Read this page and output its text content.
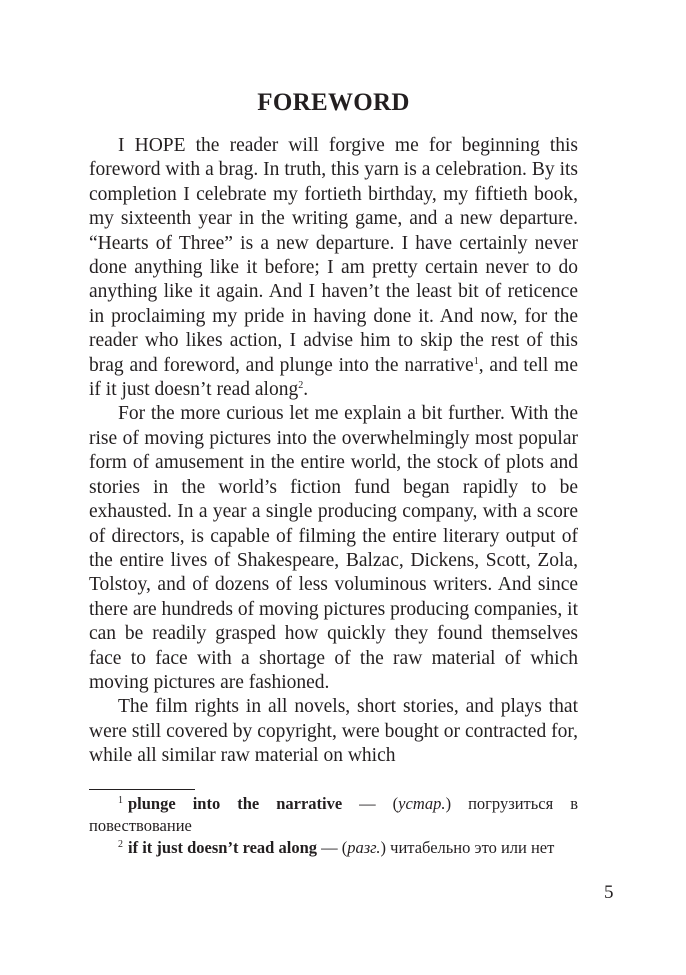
FOREWORD

I HOPE the reader will forgive me for beginning this foreword with a brag. In truth, this yarn is a celebration. By its completion I celebrate my fortieth birthday, my fiftieth book, my sixteenth year in the writing game, and a new departure. “Hearts of Three” is a new departure. I have certainly never done anything like it before; I am pretty certain never to do anything like it again. And I haven’t the least bit of reticence in proclaiming my pride in having done it. And now, for the reader who likes action, I advise him to skip the rest of this brag and foreword, and plunge into the narrative$^1$, and tell me if it just doesn’t read along$^2$.

For the more curious let me explain a bit further. With the rise of moving pictures into the overwhelmingly most popular form of amusement in the entire world, the stock of plots and stories in the world’s fiction fund began rapidly to be exhausted. In a year a single producing company, with a score of directors, is capable of filming the entire literary output of the entire lives of Shakespeare, Balzac, Dickens, Scott, Zola, Tolstoy, and of dozens of less voluminous writers. And since there are hundreds of moving pictures producing companies, it can be readily grasped how quickly they found themselves face to face with a shortage of the raw material of which moving pictures are fashioned.

The film rights in all novels, short stories, and plays that were still covered by copyright, were bought or contracted for, while all similar raw material on which

$^1$ plunge into the narrative — (устар.) погрузиться в повествование
$^2$ if it just doesn’t read along — (разг.) читабельно это или нет
5
